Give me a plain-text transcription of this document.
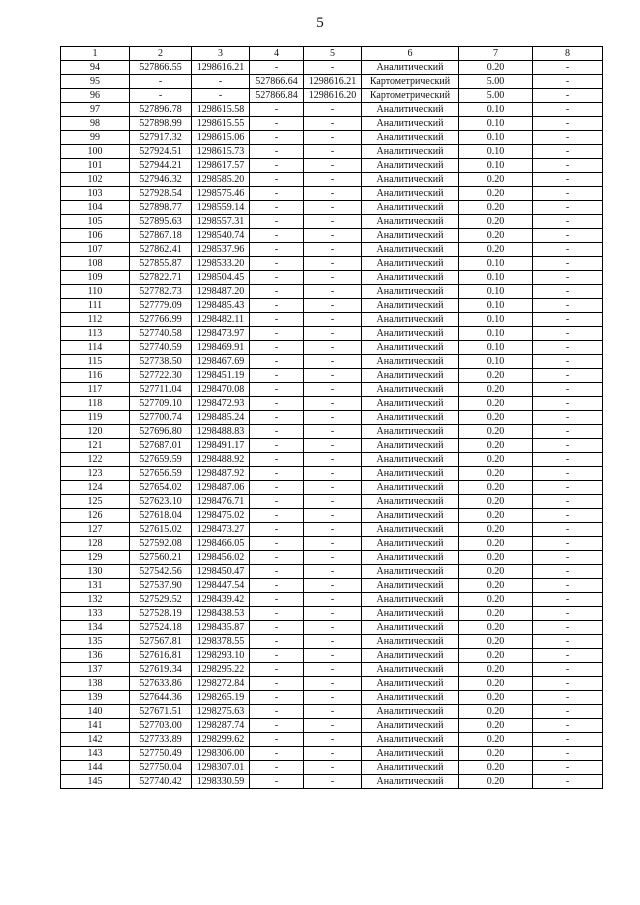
5
1	2	3	4	5	6	7	8
94	527866.55	1298616.21	-	-	Аналитический	0.20	-
95	-	-	527866.64	1298616.21	Картометрический	5.00	-
96	-	-	527866.84	1298616.20	Картометрический	5.00	-
97	527896.78	1298615.58	-	-	Аналитический	0.10	-
98	527898.99	1298615.55	-	-	Аналитический	0.10	-
99	527917.32	1298615.06	-	-	Аналитический	0.10	-
100	527924.51	1298615.73	-	-	Аналитический	0.10	-
101	527944.21	1298617.57	-	-	Аналитический	0.10	-
102	527946.32	1298585.20	-	-	Аналитический	0.20	-
103	527928.54	1298575.46	-	-	Аналитический	0.20	-
104	527898.77	1298559.14	-	-	Аналитический	0.20	-
105	527895.63	1298557.31	-	-	Аналитический	0.20	-
106	527867.18	1298540.74	-	-	Аналитический	0.20	-
107	527862.41	1298537.96	-	-	Аналитический	0.20	-
108	527855.87	1298533.20	-	-	Аналитический	0.10	-
109	527822.71	1298504.45	-	-	Аналитический	0.10	-
110	527782.73	1298487.20	-	-	Аналитический	0.10	-
111	527779.09	1298485.43	-	-	Аналитический	0.10	-
112	527766.99	1298482.11	-	-	Аналитический	0.10	-
113	527740.58	1298473.97	-	-	Аналитический	0.10	-
114	527740.59	1298469.91	-	-	Аналитический	0.10	-
115	527738.50	1298467.69	-	-	Аналитический	0.10	-
116	527722.30	1298451.19	-	-	Аналитический	0.20	-
117	527711.04	1298470.08	-	-	Аналитический	0.20	-
118	527709.10	1298472.93	-	-	Аналитический	0.20	-
119	527700.74	1298485.24	-	-	Аналитический	0.20	-
120	527696.80	1298488.83	-	-	Аналитический	0.20	-
121	527687.01	1298491.17	-	-	Аналитический	0.20	-
122	527659.59	1298488.92	-	-	Аналитический	0.20	-
123	527656.59	1298487.92	-	-	Аналитический	0.20	-
124	527654.02	1298487.06	-	-	Аналитический	0.20	-
125	527623.10	1298476.71	-	-	Аналитический	0.20	-
126	527618.04	1298475.02	-	-	Аналитический	0.20	-
127	527615.02	1298473.27	-	-	Аналитический	0.20	-
128	527592.08	1298466.05	-	-	Аналитический	0.20	-
129	527560.21	1298456.02	-	-	Аналитический	0.20	-
130	527542.56	1298450.47	-	-	Аналитический	0.20	-
131	527537.90	1298447.54	-	-	Аналитический	0.20	-
132	527529.52	1298439.42	-	-	Аналитический	0.20	-
133	527528.19	1298438.53	-	-	Аналитический	0.20	-
134	527524.18	1298435.87	-	-	Аналитический	0.20	-
135	527567.81	1298378.55	-	-	Аналитический	0.20	-
136	527616.81	1298293.10	-	-	Аналитический	0.20	-
137	527619.34	1298295.22	-	-	Аналитический	0.20	-
138	527633.86	1298272.84	-	-	Аналитический	0.20	-
139	527644.36	1298265.19	-	-	Аналитический	0.20	-
140	527671.51	1298275.63	-	-	Аналитический	0.20	-
141	527703.00	1298287.74	-	-	Аналитический	0.20	-
142	527733.89	1298299.62	-	-	Аналитический	0.20	-
143	527750.49	1298306.00	-	-	Аналитический	0.20	-
144	527750.04	1298307.01	-	-	Аналитический	0.20	-
145	527740.42	1298330.59	-	-	Аналитический	0.20	-
